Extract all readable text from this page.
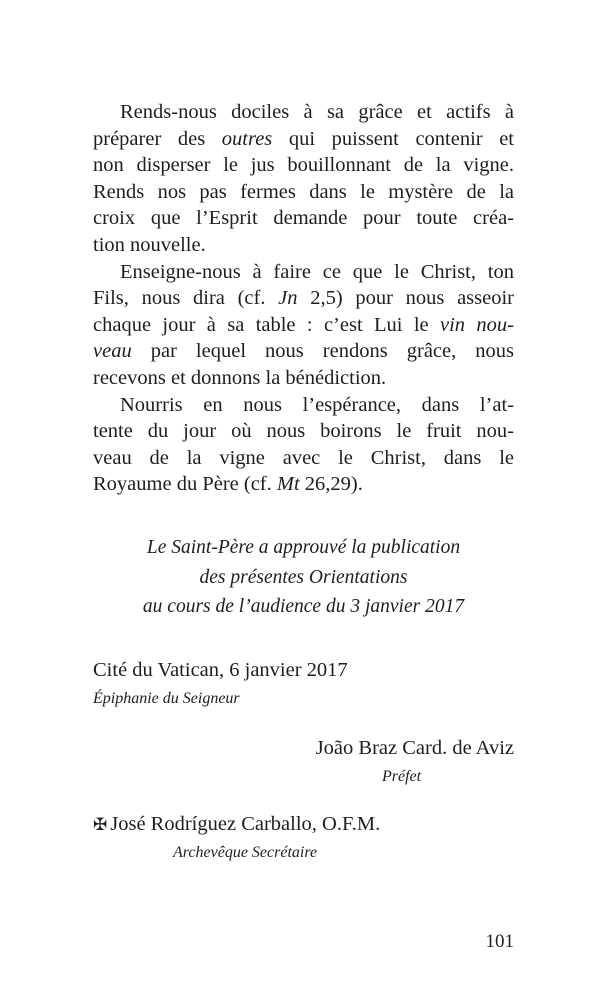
Rends-nous dociles à sa grâce et actifs à
préparer des outres qui puissent contenir et
non disperser le jus bouillonnant de la vigne.
Rends nos pas fermes dans le mystère de la
croix que l’Esprit demande pour toute créa-
tion nouvelle.
Enseigne-nous à faire ce que le Christ, ton
Fils, nous dira (cf. Jn 2,5) pour nous asseoir
chaque jour à sa table : c’est Lui le vin nou-
veau par lequel nous rendons grâce, nous
recevons et donnons la bénédiction.
Nourris en nous l’espérance, dans l’at-
tente du jour où nous boirons le fruit nou-
veau de la vigne avec le Christ, dans le
Royaume du Père (cf. Mt 26,29).
Le Saint-Père a approuvé la publication
des présentes Orientations
au cours de l’audience du 3 janvier 2017
Cité du Vatican, 6 janvier 2017
Épiphanie du Seigneur
João Braz Card. de Aviz
Préfet
✠ José Rodríguez Carballo, O.F.M.
Archevêque Secrétaire
101
